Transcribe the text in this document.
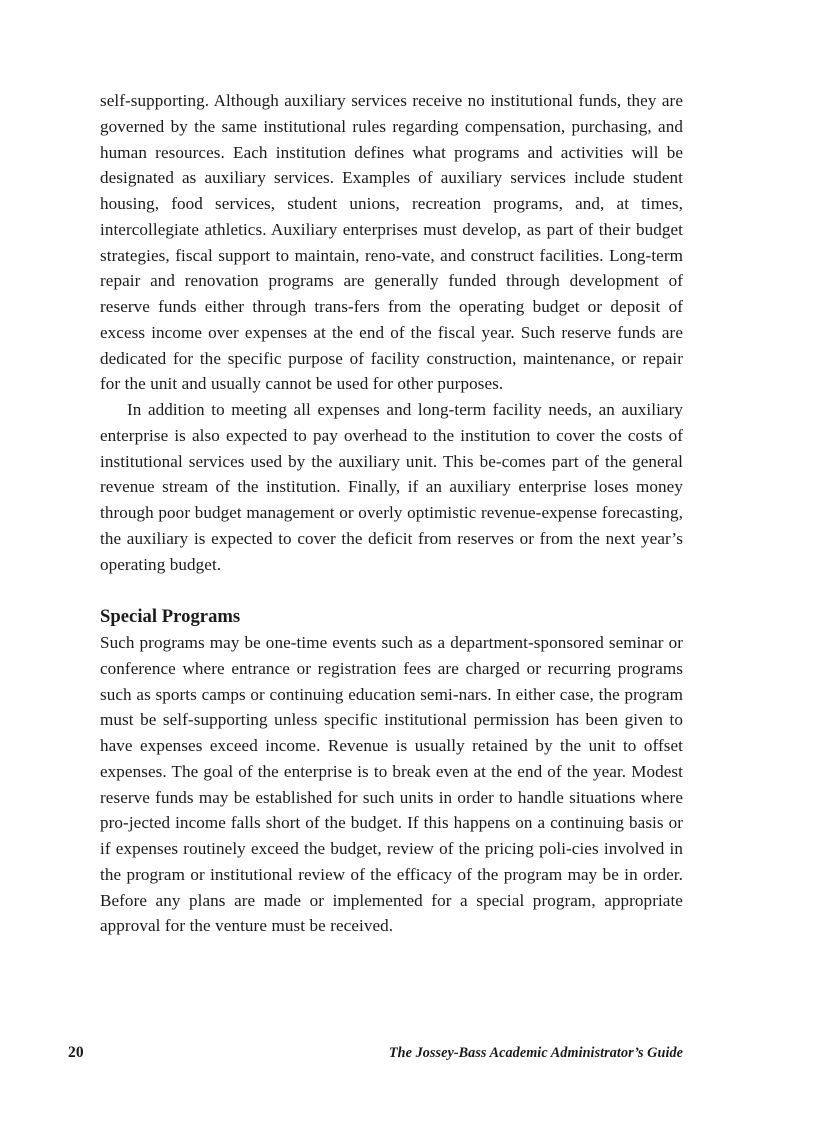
self-supporting. Although auxiliary services receive no institutional funds, they are governed by the same institutional rules regarding compensation, purchasing, and human resources. Each institution defines what programs and activities will be designated as auxiliary services. Examples of auxiliary services include student housing, food services, student unions, recreation programs, and, at times, intercollegiate athletics. Auxiliary enterprises must develop, as part of their budget strategies, fiscal support to maintain, reno-vate, and construct facilities. Long-term repair and renovation programs are generally funded through development of reserve funds either through trans-fers from the operating budget or deposit of excess income over expenses at the end of the fiscal year. Such reserve funds are dedicated for the specific purpose of facility construction, maintenance, or repair for the unit and usually cannot be used for other purposes.

In addition to meeting all expenses and long-term facility needs, an auxiliary enterprise is also expected to pay overhead to the institution to cover the costs of institutional services used by the auxiliary unit. This be-comes part of the general revenue stream of the institution. Finally, if an auxiliary enterprise loses money through poor budget management or overly optimistic revenue-expense forecasting, the auxiliary is expected to cover the deficit from reserves or from the next year’s operating budget.

Special Programs

Such programs may be one-time events such as a department-sponsored seminar or conference where entrance or registration fees are charged or recurring programs such as sports camps or continuing education semi-nars. In either case, the program must be self-supporting unless specific institutional permission has been given to have expenses exceed income. Revenue is usually retained by the unit to offset expenses. The goal of the enterprise is to break even at the end of the year. Modest reserve funds may be established for such units in order to handle situations where pro-jected income falls short of the budget. If this happens on a continuing basis or if expenses routinely exceed the budget, review of the pricing poli-cies involved in the program or institutional review of the efficacy of the program may be in order. Before any plans are made or implemented for a special program, appropriate approval for the venture must be received.

20	The Jossey-Bass Academic Administrator’s Guide
